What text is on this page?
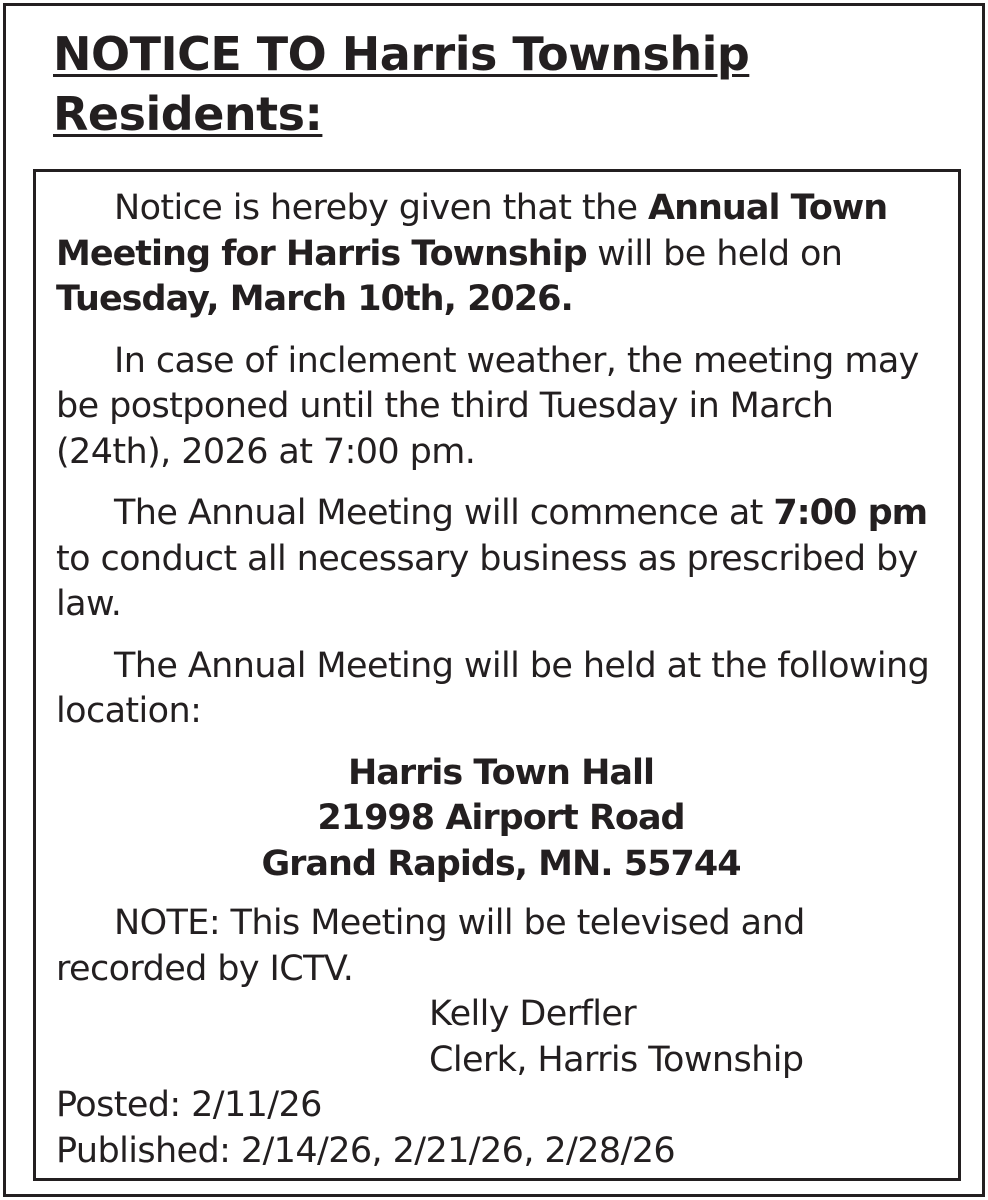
NOTICE TO Harris Township Residents:

Notice is hereby given that the Annual Town Meeting for Harris Township will be held on Tuesday, March 10th, 2026.

In case of inclement weather, the meeting may be postponed until the third Tuesday in March (24th), 2026 at 7:00 pm.

The Annual Meeting will commence at 7:00 pm to conduct all necessary business as prescribed by law.

The Annual Meeting will be held at the following location:

Harris Town Hall
21998 Airport Road
Grand Rapids, MN. 55744

NOTE: This Meeting will be televised and recorded by ICTV.

Kelly Derfler
Clerk, Harris Township
Posted: 2/11/26
Published: 2/14/26, 2/21/26, 2/28/26
